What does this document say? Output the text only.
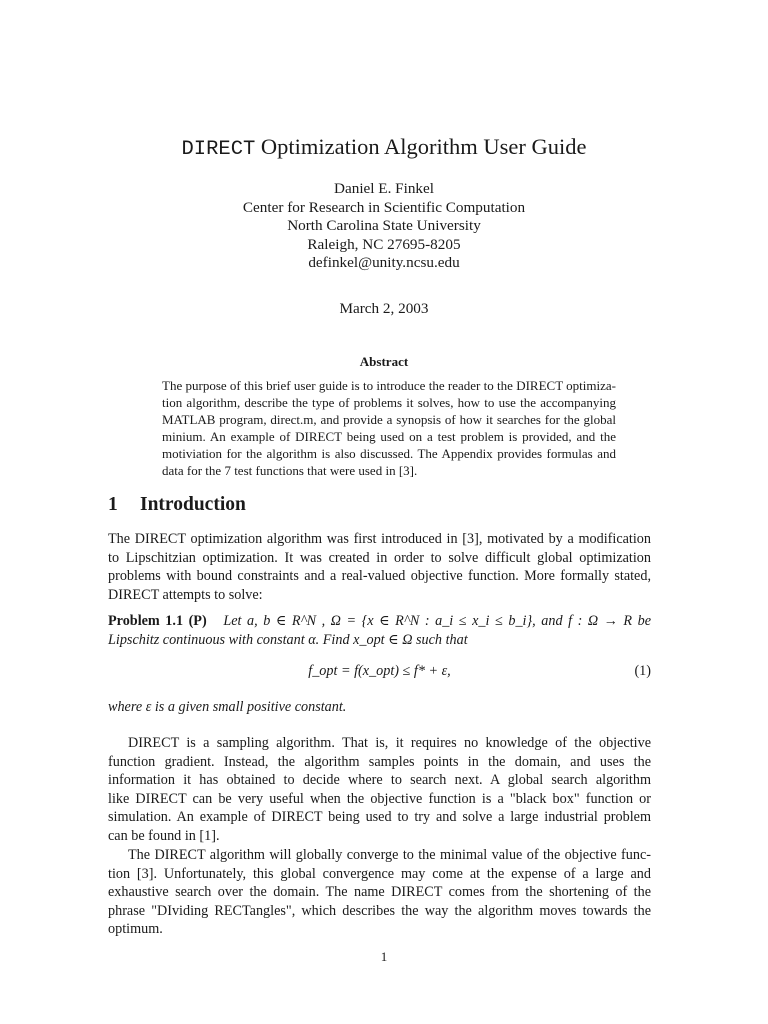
DIRECT Optimization Algorithm User Guide
Daniel E. Finkel
Center for Research in Scientific Computation
North Carolina State University
Raleigh, NC 27695-8205
definkel@unity.ncsu.edu
March 2, 2003
Abstract
The purpose of this brief user guide is to introduce the reader to the DIRECT optimiza-
tion algorithm, describe the type of problems it solves, how to use the accompanying
MATLAB program, direct.m, and provide a synopsis of how it searches for the global
minium. An example of DIRECT being used on a test problem is provided, and the
motiviation for the algorithm is also discussed. The Appendix provides formulas and
data for the 7 test functions that were used in [3].
1 Introduction
The DIRECT optimization algorithm was first introduced in [3], motivated by a modification
to Lipschitzian optimization. It was created in order to solve difficult global optimization
problems with bound constraints and a real-valued objective function. More formally stated,
DIRECT attempts to solve:
Problem 1.1 (P) Let a, b ∈ R^N , Ω = {x ∈ R^N : a_i ≤ x_i ≤ b_i}, and f : Ω → R be
Lipschitz continuous with constant α. Find x_opt ∈ Ω such that
f_opt = f(x_opt) ≤ f* + ε,	(1)
where ε is a given small positive constant.
DIRECT is a sampling algorithm. That is, it requires no knowledge of the objective
function gradient. Instead, the algorithm samples points in the domain, and uses the
information it has obtained to decide where to search next. A global search algorithm
like DIRECT can be very useful when the objective function is a "black box" function or
simulation. An example of DIRECT being used to try and solve a large industrial problem
can be found in [1].
The DIRECT algorithm will globally converge to the minimal value of the objective func-
tion [3]. Unfortunately, this global convergence may come at the expense of a large and
exhaustive search over the domain. The name DIRECT comes from the shortening of the
phrase "DIviding RECTangles", which describes the way the algorithm moves towards the
optimum.
1
